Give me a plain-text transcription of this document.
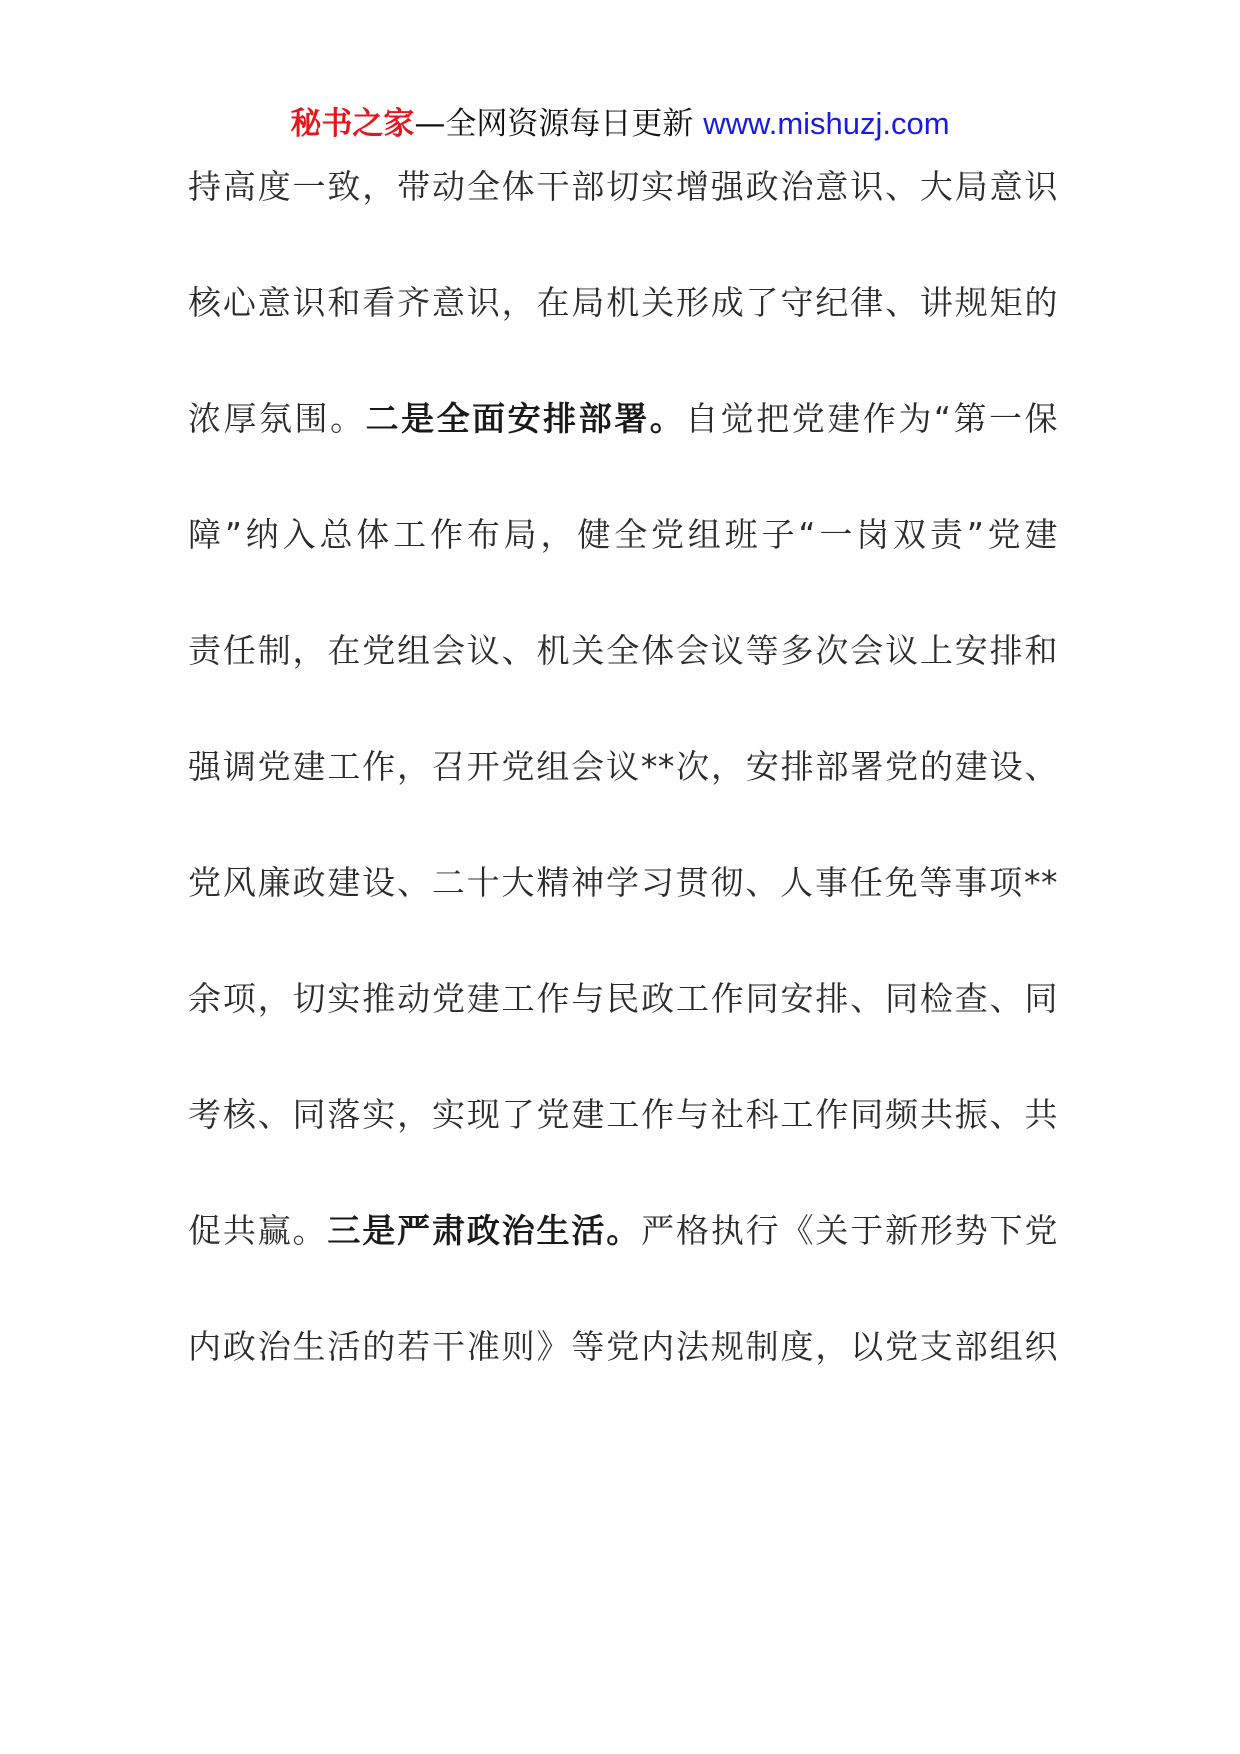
秘书之家—全网资源每日更新 www.mishuzj.com
持高度一致，带动全体干部切实增强政治意识、大局意识
核心意识和看齐意识，在局机关形成了守纪律、讲规矩的
浓厚氛围。二是全面安排部署。自觉把党建作为“第一保
障”纳入总体工作布局，健全党组班子“一岗双责”党建
责任制，在党组会议、机关全体会议等多次会议上安排和
强调党建工作，召开党组会议**次，安排部署党的建设、
党风廉政建设、二十大精神学习贯彻、人事任免等事项**
余项，切实推动党建工作与民政工作同安排、同检查、同
考核、同落实，实现了党建工作与社科工作同频共振、共
促共赢。三是严肃政治生活。严格执行《关于新形势下党
内政治生活的若干准则》等党内法规制度，以党支部组织
